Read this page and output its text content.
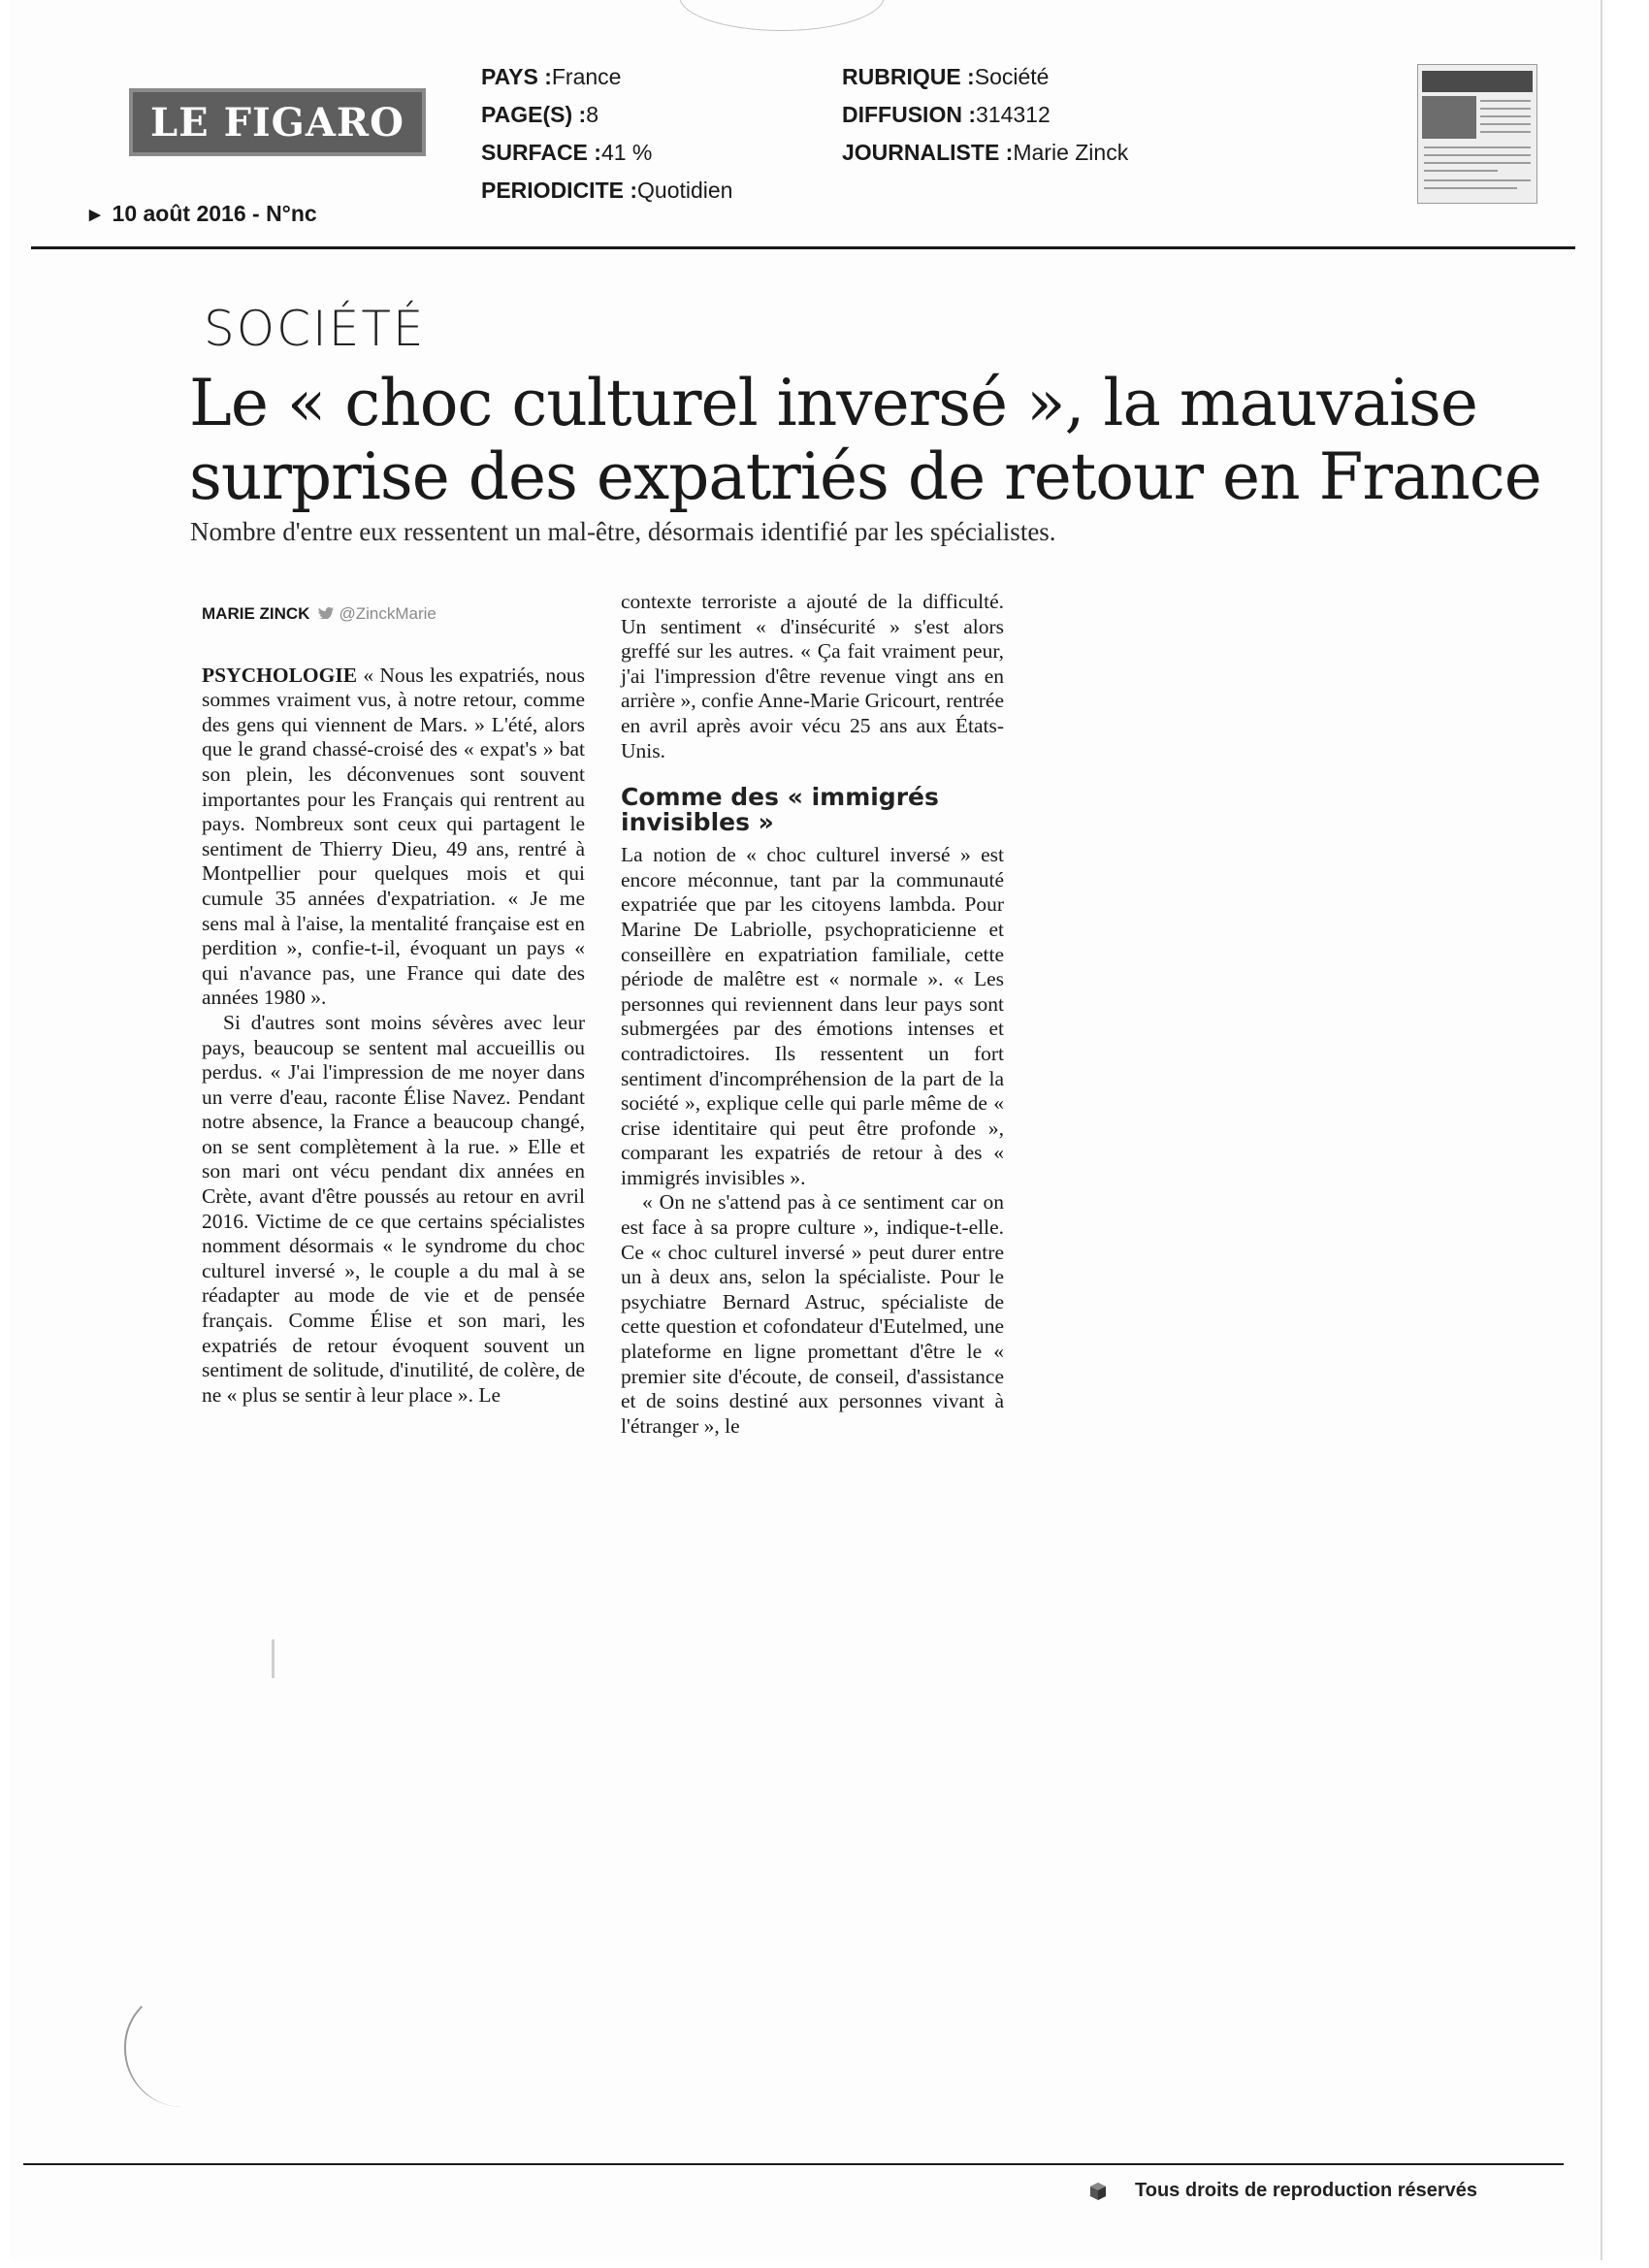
LE FIGARO
▶ 10 août 2016 - N°nc
PAYS :France
PAGE(S) :8
SURFACE :41 %
PERIODICITE :Quotidien
RUBRIQUE :Société
DIFFUSION :314312
JOURNALISTE :Marie Zinck
SOCIÉTÉ
Le « choc culturel inversé », la mauvaise
surprise des expatriés de retour en France
Nombre d'entre eux ressentent un mal-être, désormais identifié par les spécialistes.
MARIE ZINCK @ZinckMarie

PSYCHOLOGIE « Nous les expatriés, nous sommes vraiment vus, à notre retour, comme des gens qui viennent de Mars. » L'été, alors que le grand chassé-croisé des « expat's » bat son plein, les déconvenues sont souvent importantes pour les Français qui rentrent au pays. Nombreux sont ceux qui partagent le sentiment de Thierry Dieu, 49 ans, rentré à Montpellier pour quelques mois et qui cumule 35 années d'expatriation. « Je me sens mal à l'aise, la mentalité française est en perdition », confie-t-il, évoquant un pays « qui n'avance pas, une France qui date des années 1980 ».

Si d'autres sont moins sévères avec leur pays, beaucoup se sentent mal accueillis ou perdus. « J'ai l'impression de me noyer dans un verre d'eau, raconte Élise Navez. Pendant notre absence, la France a beaucoup changé, on se sent complètement à la rue. » Elle et son mari ont vécu pendant dix années en Crète, avant d'être poussés au retour en avril 2016. Victime de ce que certains spécialistes nomment désormais « le syndrome du choc culturel inversé », le couple a du mal à se réadapter au mode de vie et de pensée français. Comme Élise et son mari, les expatriés de retour évoquent souvent un sentiment de solitude, d'inutilité, de colère, de ne « plus se sentir à leur place ». Le

contexte terroriste a ajouté de la difficulté. Un sentiment « d'insécurité » s'est alors greffé sur les autres. « Ça fait vraiment peur, j'ai l'impression d'être revenue vingt ans en arrière », confie Anne-Marie Gricourt, rentrée en avril après avoir vécu 25 ans aux États-Unis.

Comme des « immigrés invisibles »

La notion de « choc culturel inversé » est encore méconnue, tant par la communauté expatriée que par les citoyens lambda. Pour Marine De Labriolle, psychopraticienne et conseillère en expatriation familiale, cette période de malêtre est « normale ». « Les personnes qui reviennent dans leur pays sont submergées par des émotions intenses et contradictoires. Ils ressentent un fort sentiment d'incompréhension de la part de la société », explique celle qui parle même de « crise identitaire qui peut être profonde », comparant les expatriés de retour à des « immigrés invisibles ».

« On ne s'attend pas à ce sentiment car on est face à sa propre culture », indique-t-elle. Ce « choc culturel inversé » peut durer entre un à deux ans, selon la spécialiste. Pour le psychiatre Bernard Astruc, spécialiste de cette question et cofondateur d'Eutelmed, une plateforme en ligne promettant d'être le « premier site d'écoute, de conseil, d'assistance et de soins destiné aux personnes vivant à l'étranger », le

Tous droits de reproduction réservés
